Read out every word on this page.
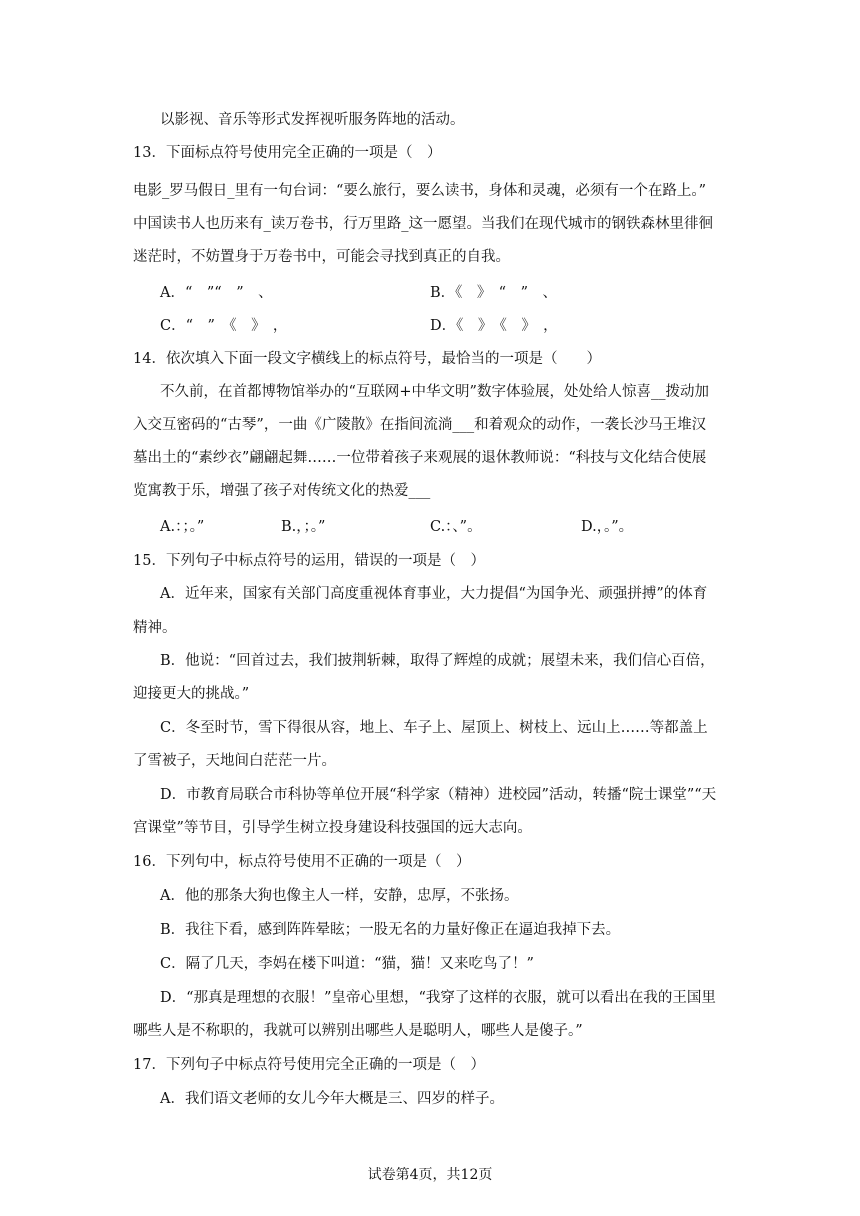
以影视、音乐等形式发挥视听服务阵地的活动。
13．下面标点符号使用完全正确的一项是（　）
电影_罗马假日_里有一句台词：“要么旅行，要么读书，身体和灵魂，必须有一个在路上。”
中国读书人也历来有_读万卷书，行万里路_这一愿望。当我们在现代城市的钢铁森林里徘徊
迷茫时，不妨置身于万卷书中，可能会寻找到真正的自我。
A．“　”“　”　、	B．《　》　“　”　、
C．“　”　《　》　，	D．《　》　《　》　，
14．依次填入下面一段文字横线上的标点符号，最恰当的一项是（　　）
不久前，在首都博物馆举办的“互联网+中华文明”数字体验展，处处给人惊喜__拨动加
入交互密码的“古琴”，一曲《广陵散》在指间流淌___和着观众的动作，一袭长沙马王堆汉
墓出土的“素纱衣”翩翩起舞……一位带着孩子来观展的退休教师说：“科技与文化结合使展
览寓教于乐，增强了孩子对传统文化的热爱___
A.：；。”	B.，；。”	C.：、”。	D.，。”。
15．下列句子中标点符号的运用，错误的一项是（　）
A．近年来，国家有关部门高度重视体育事业，大力提倡“为国争光、顽强拼搏”的体育
精神。
B．他说：“回首过去，我们披荆斩棘，取得了辉煌的成就；展望未来，我们信心百倍，
迎接更大的挑战。”
C．冬至时节，雪下得很从容，地上、车子上、屋顶上、树枝上、远山上……等都盖上
了雪被子，天地间白茫茫一片。
D．市教育局联合市科协等单位开展“科学家（精神）进校园”活动，转播“院士课堂”“天
宫课堂”等节目，引导学生树立投身建设科技强国的远大志向。
16．下列句中，标点符号使用不正确的一项是（　）
A．他的那条大狗也像主人一样，安静，忠厚，不张扬。
B．我往下看，感到阵阵晕眩；一股无名的力量好像正在逼迫我掉下去。
C．隔了几天，李妈在楼下叫道：“猫，猫！又来吃鸟了！”
D．“那真是理想的衣服！”皇帝心里想，“我穿了这样的衣服，就可以看出在我的王国里
哪些人是不称职的，我就可以辨别出哪些人是聪明人，哪些人是傻子。”
17．下列句子中标点符号使用完全正确的一项是（　）
A．我们语文老师的女儿今年大概是三、四岁的样子。
试卷第4页，共12页
